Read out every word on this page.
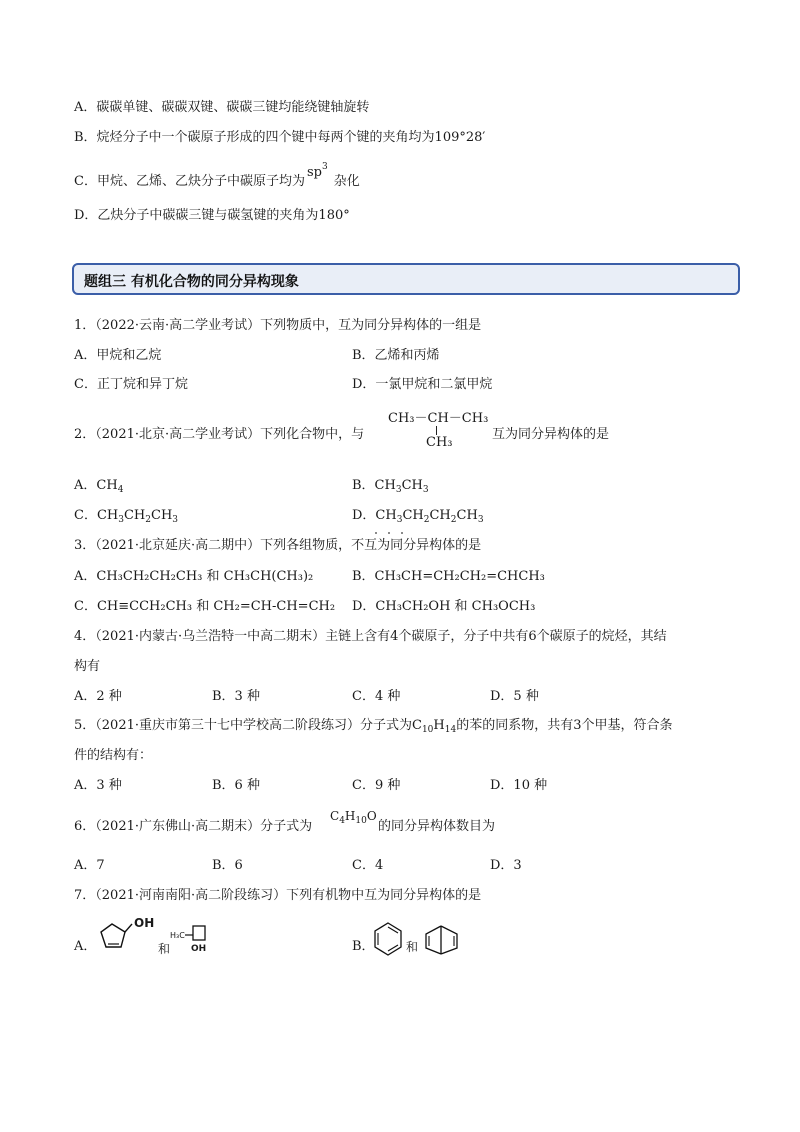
A．碳碳单键、碳碳双键、碳碳三键均能绕键轴旋转
B．烷烃分子中一个碳原子形成的四个键中每两个键的夹角均为109°28′
C．甲烷、乙烯、乙炔分子中碳原子均为$sp^3$杂化
D．乙炔分子中碳碳三键与碳氢键的夹角为180°
题组三 有机化合物的同分异构现象
1．（2022·云南·高二学业考试）下列物质中，互为同分异构体的一组是
A．甲烷和乙烷	B．乙烯和丙烯
C．正丁烷和异丁烷	D．一氯甲烷和二氯甲烷
2．（2021·北京·高二学业考试）下列化合物中，与
CH₃－CH－CH₃
CH₃
互为同分异构体的是
A．$CH_4$	B．$CH_3CH_3$
C．$CH_3CH_2CH_3$	D．$CH_3CH_2CH_2CH_3$
3．（2021·北京延庆·高二期中）下列各组物质，不互为同分异构体的是
A．CH₃CH₂CH₂CH₃ 和 CH₃CH(CH₃)₂	B．CH₃CH=CH₂CH₂=CHCH₃
C．CH≡CCH₂CH₃ 和 CH₂=CH-CH=CH₂ D．CH₃CH₂OH 和 CH₃OCH₃
4．（2021·内蒙古·乌兰浩特一中高二期末）主链上含有4个碳原子，分子中共有6个碳原子的烷烃，其结
构有
A．2 种	B．3 种	C．4 种	D．5 种
5．（2021·重庆市第三十七中学校高二阶段练习）分子式为$C_{10}H_{14}$的苯的同系物，共有3个甲基，符合条
件的结构有：
A．3 种	B．6 种	C．9 种	D．10 种
6．（2021·广东佛山·高二期末）分子式为
$C_4H_{10}O$
的同分异构体数目为
A．7	B．6	C．4	D．3
7．（2021·河南南阳·高二阶段练习）下列有机物中互为同分异构体的是
A．
OH
和
H₃C
OH	B．	和
